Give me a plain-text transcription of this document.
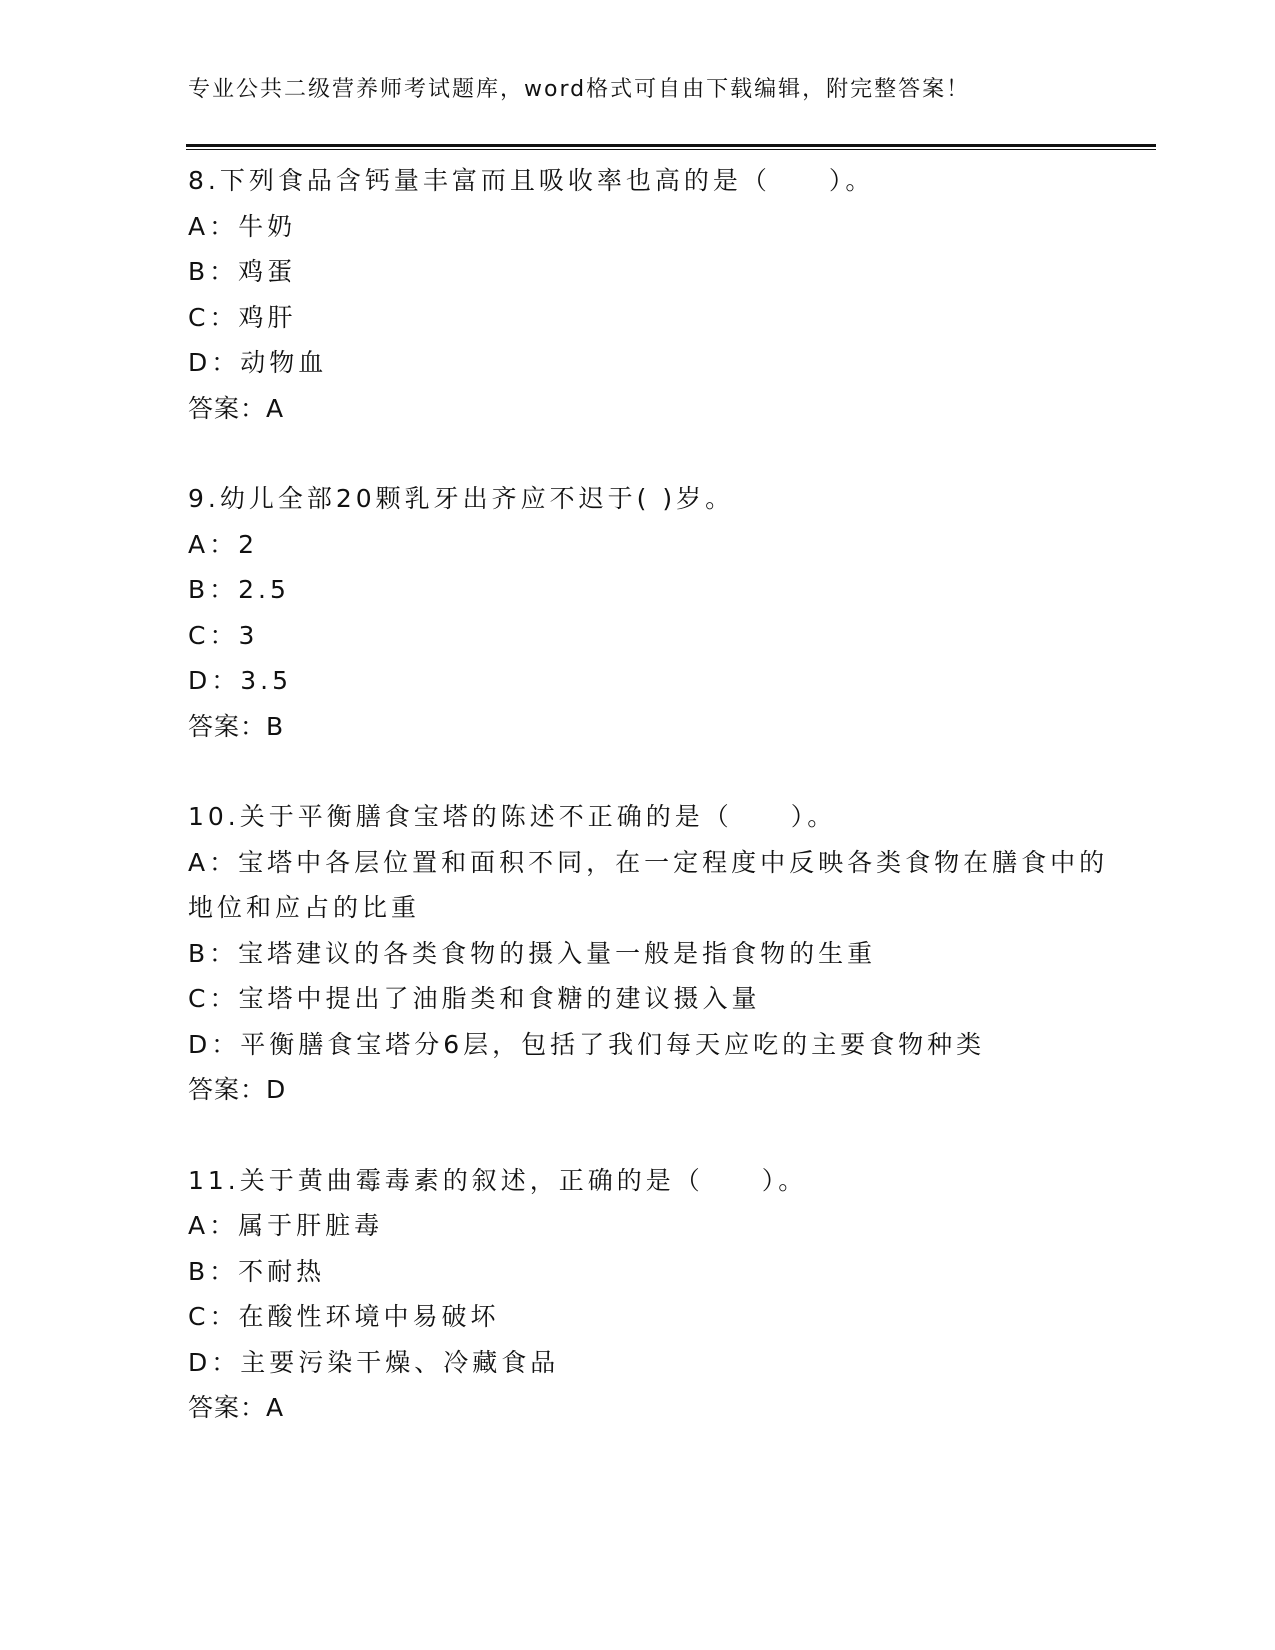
专业公共二级营养师考试题库，word格式可自由下载编辑，附完整答案！
8.下列食品含钙量丰富而且吸收率也高的是（　　）。
A：牛奶
B：鸡蛋
C：鸡肝
D：动物血
答案：A
9.幼儿全部20颗乳牙出齐应不迟于( )岁。
A：2
B：2.5
C：3
D：3.5
答案：B
10.关于平衡膳食宝塔的陈述不正确的是（　　）。
A：宝塔中各层位置和面积不同，在一定程度中反映各类食物在膳食中的地位和应占的比重
B：宝塔建议的各类食物的摄入量一般是指食物的生重
C：宝塔中提出了油脂类和食糖的建议摄入量
D：平衡膳食宝塔分6层，包括了我们每天应吃的主要食物种类
答案：D
11.关于黄曲霉毒素的叙述，正确的是（　　）。
A：属于肝脏毒
B：不耐热
C：在酸性环境中易破坏
D：主要污染干燥、冷藏食品
答案：A
